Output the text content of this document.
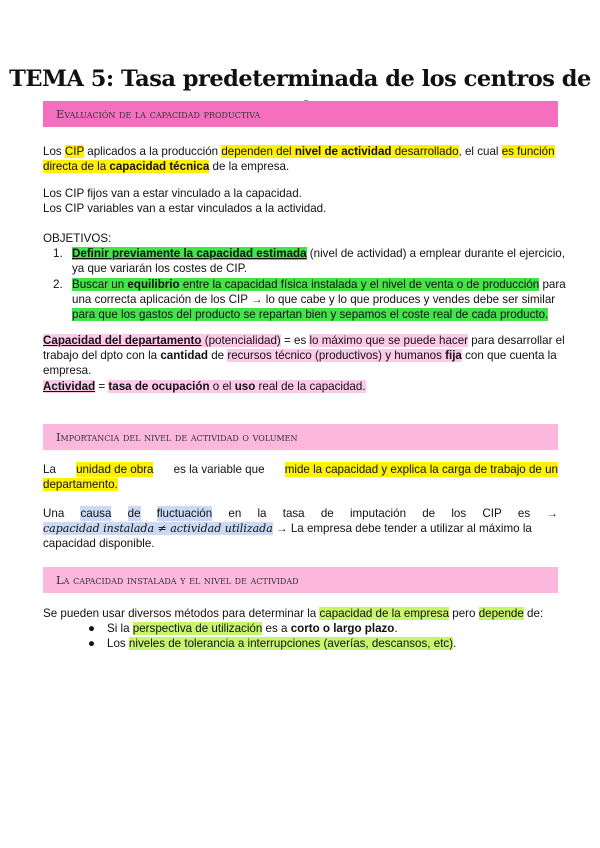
TEMA 5: Tasa predeterminada de los centros de
Evaluación de la capacidad productiva
Los CIP aplicados a la producción dependen del nivel de actividad desarrollado, el cual es función
directa de la capacidad técnica de la empresa.
Los CIP fijos van a estar vinculado a la capacidad.
Los CIP variables van a estar vinculados a la actividad.
OBJETIVOS:
1. Definir previamente la capacidad estimada (nivel de actividad) a emplear durante el ejercicio,
ya que variarán los costes de CIP.
2. Buscar un equilibrio entre la capacidad física instalada y el nivel de venta o de producción para
una correcta aplicación de los CIP → lo que cabe y lo que produces y vendes debe ser similar
para que los gastos del producto se repartan bien y sepamos el coste real de cada producto.
Capacidad del departamento (potencialidad) = es lo máximo que se puede hacer para desarrollar el
trabajo del dpto con la cantidad de recursos técnico (productivos) y humanos fija con que cuenta la
empresa.
Actividad = tasa de ocupación o el uso real de la capacidad.
Importancia del nivel de actividad o volumen
La unidad de obra es la variable que mide la capacidad y explica la carga de trabajo de un
departamento.
Una causa de fluctuación en la tasa de imputación de los CIP es →
capacidad instalada ≠ actividad utilizada → La empresa debe tender a utilizar al máximo la
capacidad disponible.
La capacidad instalada y el nivel de actividad
Se pueden usar diversos métodos para determinar la capacidad de la empresa pero depende de:
● Si la perspectiva de utilización es a corto o largo plazo.
● Los niveles de tolerancia a interrupciones (averías, descansos, etc).
